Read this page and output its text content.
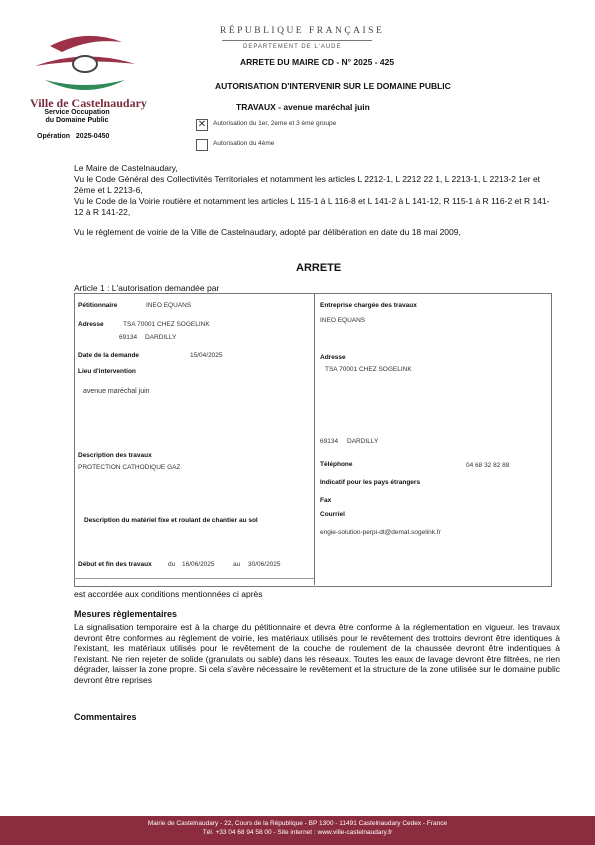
Ville de Castelnaudary
Service Occupation
du Domaine Public
Opération 2025-0450
RÉPUBLIQUE FRANÇAISE
DEPARTEMENT DE L'AUDE
ARRETE DU MAIRE CD - N° 2025 - 425
AUTORISATION D'INTERVENIR SUR LE DOMAINE PUBLIC
TRAVAUX - avenue maréchal juin
✕ Autorisation du 1er, 2eme et 3 ème groupe
Autorisation du 4ème
Le Maire de Castelnaudary,
Vu le Code Général des Collectivités Territoriales et notamment les articles L 2212-1, L 2212 22 1, L 2213-1, L 2213-2 1er et 2ème et L 2213-6,
Vu le Code de la Voirie routière et notamment les articles L 115-1 à L 116-8 et L 141-2 à L 141-12, R 115-1 à R 116-2 et R 141-12 à R 141-22,
Vu le règlement de voirie de la Ville de Castelnaudary, adopté par délibération en date du 18 mai 2009,
ARRETE
Article 1 : L'autorisation demandée par
Pétitionnaire	INEO EQUANS
Adresse	TSA 70001 CHEZ SOGELINK
69134 DARDILLY
Date de la demande	15/04/2025
Lieu d'intervention
avenue maréchal juin
Description des travaux
PROTECTION CATHODIQUE GAZ
Description du matériel fixe et roulant de chantier au sol
Début et fin des travaux	du 16/06/2025	au 30/06/2025
Entreprise chargée des travaux
INEO EQUANS
Adresse
TSA 70001 CHEZ SOGELINK
69134 DARDILLY
Téléphone	04 68 32 82 88
Indicatif pour les pays étrangers
Fax
Courriel
engie-solution-perpi-dt@demat.sogelink.fr
est accordée aux conditions mentionnées ci après
Mesures règlementaires
La signalisation temporaire est à la charge du pétitionnaire et devra être conforme à la réglementation en vigueur. les travaux devront être conformes au règlement de voirie, les matériaux utilisés pour le revêtement des trottoirs devront être identiques à l'existant, les matériaux utilisés pour le revêtement de la couche de roulement de la chaussée devront être indentiques à l'existant. Ne rien rejeter de solide (granulats ou sable) dans les réseaux. Toutes les eaux de lavage devront être filtrées, ne rien dégrader, laisser la zone propre. Si cela s'avère nécessaire le revêtement et la structure de la zone utilisée sur le domaine public devront être reprises
Commentaires
Mairie de Castelnaudary - 22, Cours de la République - BP 1300 - 11491 Castelnaudary Cedex - France
Tél. +33 04 68 94 58 00 - Site internet : www.ville-castelnaudary.fr
